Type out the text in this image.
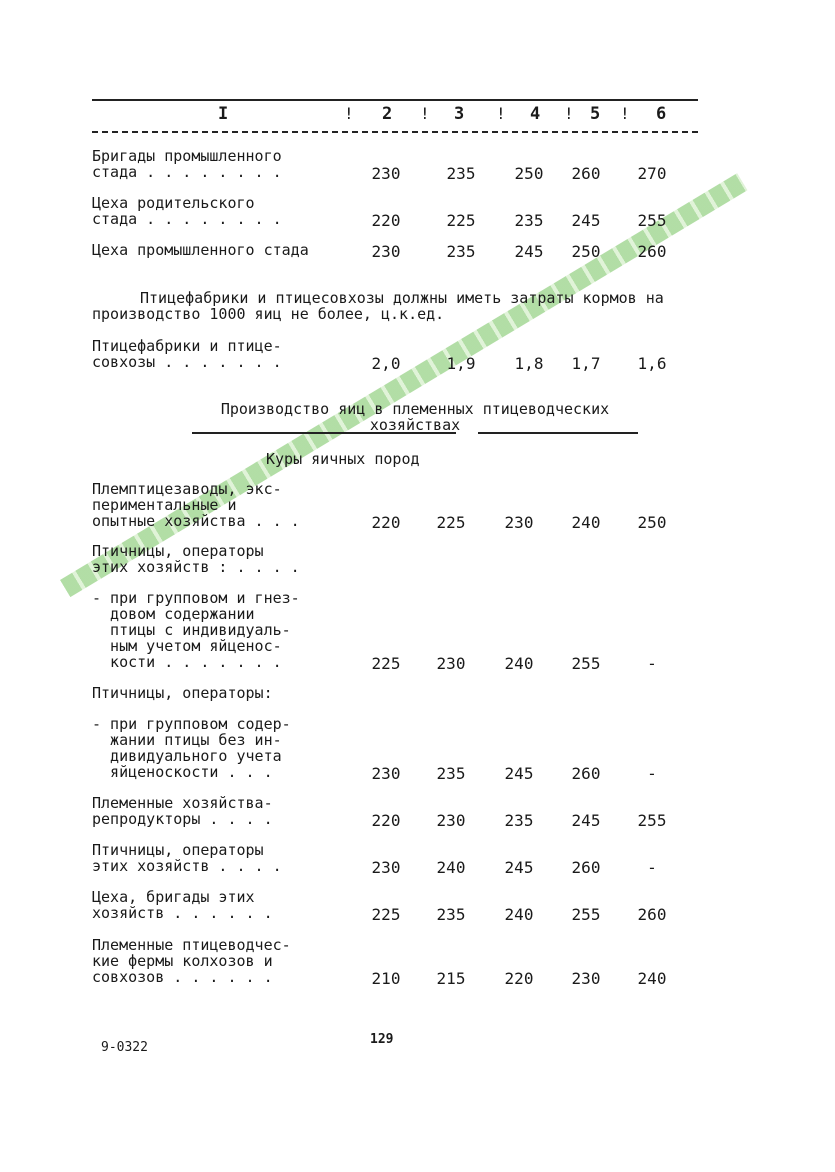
I	! 2 ! 3 ! 4 ! 5 ! 6
Бригады промышленного
стада . . . . . . . .	230	235	250	260	270
Цеха родительского
стада . . . . . . . .	220	225	235	245	255
Цеха промышленного стада	230	235	245	250	260
Птицефабрики и птицесовхозы должны иметь затраты кормов на производство 1000 яиц не более, ц.к.ед.
Птицефабрики и птице-
совхозы . . . . . . .	2,0	1,9	1,8	1,7	1,6
Производство яиц в племенных птицеводческих хозяйствах
Куры яичных пород
Племптицезаводы, экс-
периментальные и
опытные хозяйства . . .	220	225	230	240	250
Птичницы, операторы
этих хозяйств : . . . .
- при групповом и гнез-
довом содержании
птицы с индивидуаль-
ным учетом яйценос-
кости . . . . . . .	225	230	240	255	-
Птичницы, операторы:
- при групповом содер-
жании птицы без ин-
дивидуального учета
яйценоскости . . .	230	235	245	260	-
Племенные хозяйства-
репродукторы . . . .	220	230	235	245	255
Птичницы, операторы
этих хозяйств . . . .	230	240	245	260	-
Цеха, бригады этих
хозяйств . . . . . .	225	235	240	255	260
Племенные птицеводчес-
кие фермы колхозов и
совхозов . . . . . .	210	215	220	230	240
9-0322
129
